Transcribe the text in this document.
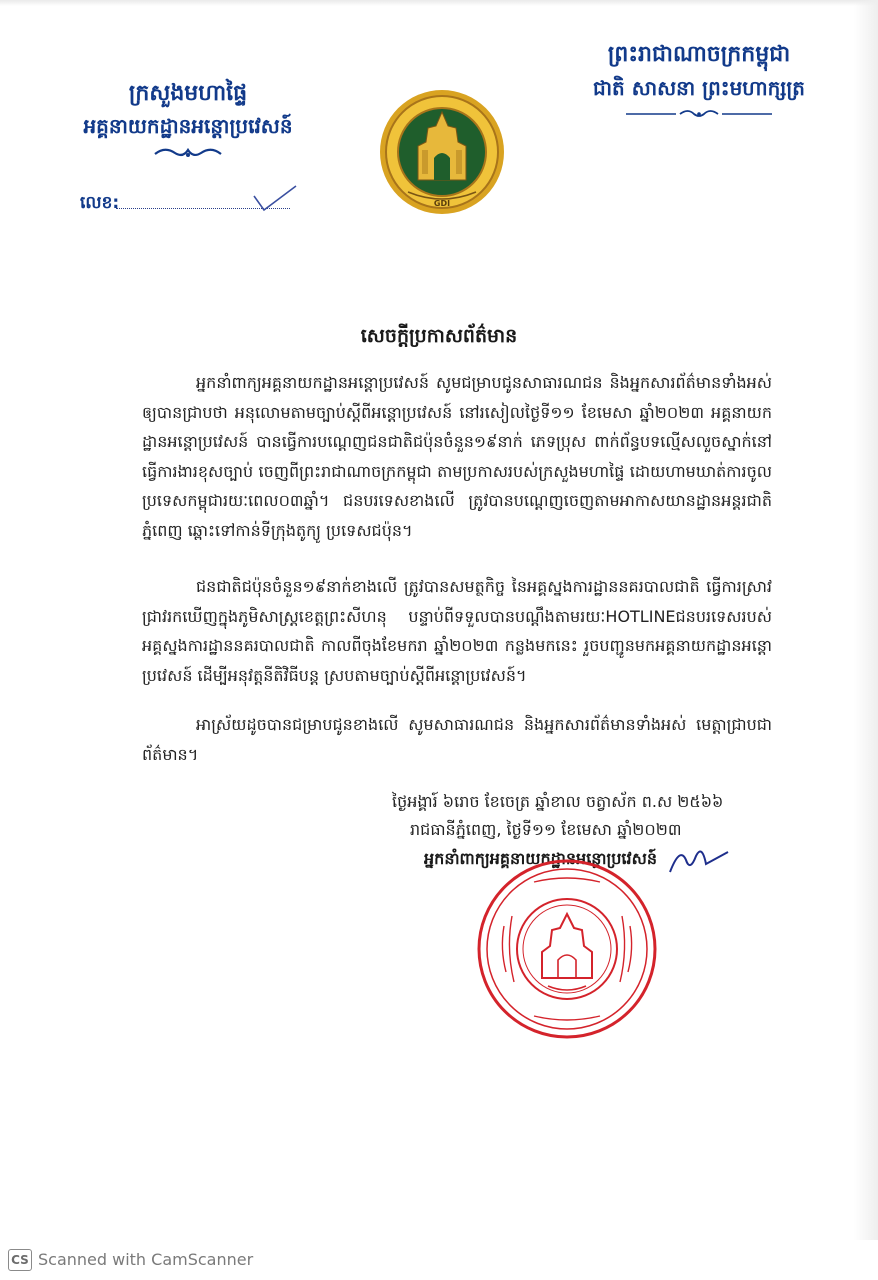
ក្រសួងមហាផ្ទៃ
អគ្គនាយកដ្ឋានអន្តោប្រវេសន៍
លេខ:	GDI
ព្រះរាជាណាចក្រកម្ពុជា
ជាតិ សាសនា ព្រះមហាក្សត្រ
សេចក្តីប្រកាសព័ត៌មាន
អ្នកនាំពាក្យអគ្គនាយកដ្ឋានអន្តោប្រវេសន៍ សូមជម្រាបជូនសាធារណជន និងអ្នកសារព័ត៌មានទាំងអស់ ឲ្យបានជ្រាបថា អនុលោមតាមច្បាប់ស្តីពីអន្តោប្រវេសន៍ នៅរសៀលថ្ងៃទី១១ ខែមេសា ឆ្នាំ២០២៣ អគ្គនាយកដ្ឋានអន្តោប្រវេសន៍ បានធ្វើការបណ្តេញជនជាតិជប៉ុនចំនួន១៩នាក់ ភេទប្រុស ពាក់ព័ន្ធបទល្មើសលួចស្នាក់នៅធ្វើការងារខុសច្បាប់ ចេញពីព្រះរាជាណាចក្រកម្ពុជា តាមប្រកាសរបស់ក្រសួងមហាផ្ទៃ ដោយហាមឃាត់ការចូលប្រទេសកម្ពុជារយៈពេល០៣ឆ្នាំ។ ជនបរទេសខាងលើ ត្រូវបានបណ្តេញចេញតាមអាកាសយានដ្ឋានអន្តរជាតិភ្នំពេញ ឆ្ពោះទៅកាន់ទីក្រុងតូក្យូ ប្រទេសជប៉ុន។
ជនជាតិជប៉ុនចំនួន១៩នាក់ខាងលើ ត្រូវបានសមត្ថកិច្ច នៃអគ្គស្នងការដ្ឋាននគរបាលជាតិ ធ្វើការស្រាវជ្រាវរកឃើញក្នុងភូមិសាស្ត្រខេត្តព្រះសីហនុ បន្ទាប់ពីទទួលបានបណ្តឹងតាមរយៈHOTLINEជនបរទេសរបស់អគ្គស្នងការដ្ឋាននគរបាលជាតិ កាលពីចុងខែមករា ឆ្នាំ២០២៣ កន្លងមកនេះ រួចបញ្ជូនមកអគ្គនាយកដ្ឋានអន្តោប្រវេសន៍ ដើម្បីអនុវត្តនីតិវិធីបន្ត ស្របតាមច្បាប់ស្តីពីអន្តោប្រវេសន៍។
អាស្រ័យដូចបានជម្រាបជូនខាងលើ សូមសាធារណជន និងអ្នកសារព័ត៌មានទាំងអស់ មេត្តាជ្រាបជាព័ត៌មាន។
ថ្ងៃអង្គារ៍ ៦រោច ខែចេត្រ ឆ្នាំខាល ចត្វាស័ក ព.ស ២៥៦៦
រាជធានីភ្នំពេញ, ថ្ងៃទី១១ ខែមេសា ឆ្នាំ២០២៣
អ្នកនាំពាក្យអគ្គនាយកដ្ឋានអន្តោប្រវេសន៍
CS Scanned with CamScanner
